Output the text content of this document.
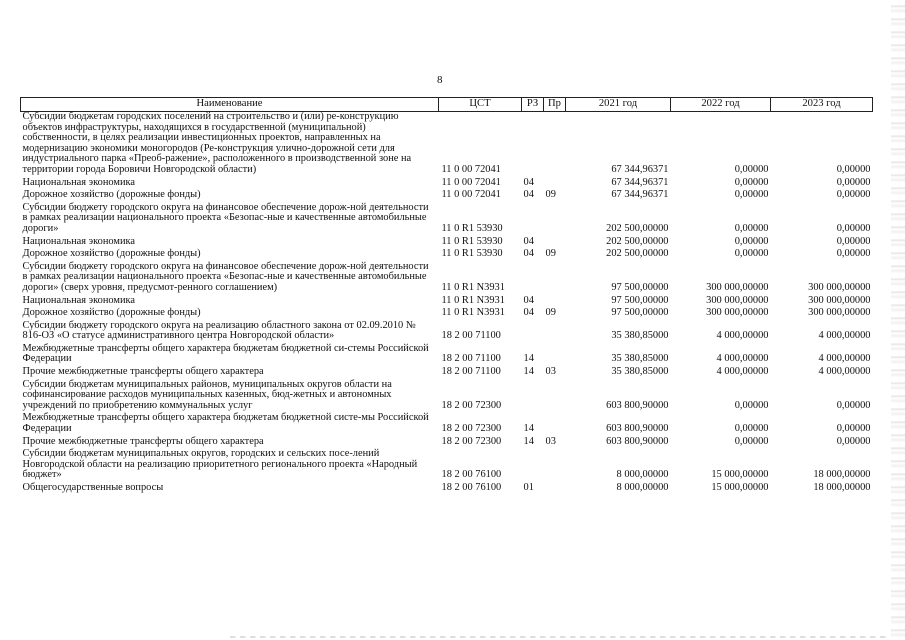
8
Наименование	ЦСТ	РЗ	Пр	2021 год	2022 год	2023 год
Субсидии бюджетам городских поселений на строительство и (или) ре-конструкцию объектов инфраструктуры, находящихся в государственной (муниципальной) собственности, в целях реализации инвестиционных проектов, направленных на модернизацию экономики моногородов (Ре-конструкция улично-дорожной сети для индустриального парка «Преоб-ражение», расположенного в производственной зоне на территории города Боровичи Новгородской области)	11 0 00 72041			67 344,96371	0,00000	0,00000
Национальная экономика	11 0 00 72041	04		67 344,96371	0,00000	0,00000
Дорожное хозяйство (дорожные фонды)	11 0 00 72041	04	09	67 344,96371	0,00000	0,00000
Субсидии бюджету городского округа на финансовое обеспечение дорож-ной деятельности в рамках реализации национального проекта «Безопас-ные и качественные автомобильные дороги»	11 0 R1 53930			202 500,00000	0,00000	0,00000
Национальная экономика	11 0 R1 53930	04		202 500,00000	0,00000	0,00000
Дорожное хозяйство (дорожные фонды)	11 0 R1 53930	04	09	202 500,00000	0,00000	0,00000
Субсидии бюджету городского округа на финансовое обеспечение дорож-ной деятельности в рамках реализации национального проекта «Безопас-ные и качественные автомобильные дороги» (сверх уровня, предусмот-ренного соглашением)	11 0 R1 N3931			97 500,00000	300 000,00000	300 000,00000
Национальная экономика	11 0 R1 N3931	04		97 500,00000	300 000,00000	300 000,00000
Дорожное хозяйство (дорожные фонды)	11 0 R1 N3931	04	09	97 500,00000	300 000,00000	300 000,00000
Субсидии бюджету городского округа на реализацию областного закона от 02.09.2010 № 816-ОЗ «О статусе административного центра Новгородской области»	18 2 00 71100			35 380,85000	4 000,00000	4 000,00000
Межбюджетные трансферты общего характера бюджетам бюджетной си-стемы Российской Федерации	18 2 00 71100	14		35 380,85000	4 000,00000	4 000,00000
Прочие межбюджетные трансферты общего характера	18 2 00 71100	14	03	35 380,85000	4 000,00000	4 000,00000
Субсидии бюджетам муниципальных районов, муниципальных округов области на софинансирование расходов муниципальных казенных, бюд-жетных и автономных учреждений по приобретению коммунальных услуг	18 2 00 72300			603 800,90000	0,00000	0,00000
Межбюджетные трансферты общего характера бюджетам бюджетной систе-мы Российской Федерации	18 2 00 72300	14		603 800,90000	0,00000	0,00000
Прочие межбюджетные трансферты общего характера	18 2 00 72300	14	03	603 800,90000	0,00000	0,00000
Субсидии бюджетам муниципальных округов, городских и сельских посе-лений Новгородской области на реализацию приоритетного регионального проекта «Народный бюджет»	18 2 00 76100			8 000,00000	15 000,00000	18 000,00000
Общегосударственные вопросы	18 2 00 76100	01		8 000,00000	15 000,00000	18 000,00000
